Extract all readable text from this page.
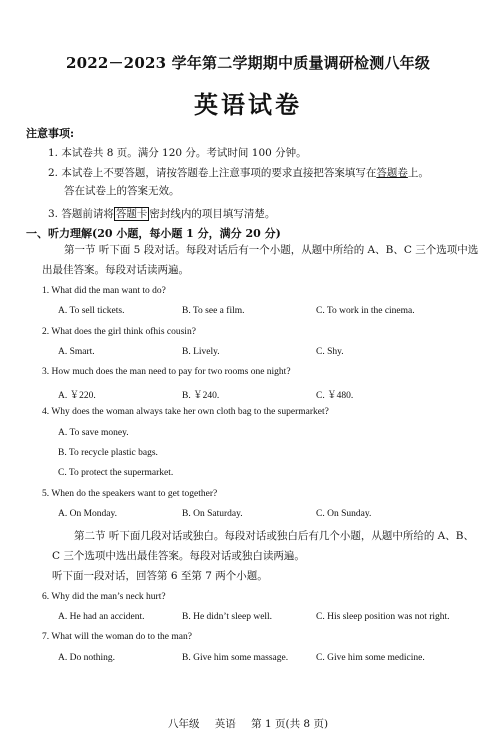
2022－2023 学年第二学期期中质量调研检测八年级
英语试卷
注意事项:
1. 本试卷共 8 页。满分 120 分。考试时间 100 分钟。
2. 本试卷上不要答题，请按答题卷上注意事项的要求直接把答案填写在答题卷上。
答在试卷上的答案无效。
3. 答题前请将 答题卡 密封线内的项目填写清楚。
一、听力理解(20 小题，每小题 1 分，满分 20 分)
第一节 听下面 5 段对话。每段对话后有一个小题，从题中所给的 A、B、C 三个选项中选
出最佳答案。每段对话读两遍。
1. What did the man want to do?
A. To sell tickets.	B. To see a film.	C. To work in the cinema.
2. What does the girl think ofhis cousin?
A. Smart.	B. Lively.	C. Shy.
3. How much does the man need to pay for two rooms one night?
A. ￥220.	B. ￥240.	C. ￥480.
4. Why does the woman always take her own cloth bag to the supermarket?
A. To save money.
B. To recycle plastic bags.
C. To protect the supermarket.
5. When do the speakers want to get together?
A. On Monday.	B. On Saturday.	C. On Sunday.
第二节 听下面几段对话或独白。每段对话或独白后有几个小题，从题中所给的 A、B、
C 三个选项中选出最佳答案。每段对话或独白读两遍。
听下面一段对话，回答第 6 至第 7 两个小题。
6. Why did the man’s neck hurt?
A. He had an accident.	B. He didn’t sleep well.	C. His sleep position was not right.
7. What will the woman do to the man?
A. Do nothing.	B. Give him some massage.	C. Give him some medicine.
八年级 英语 第 1 页(共 8 页)
